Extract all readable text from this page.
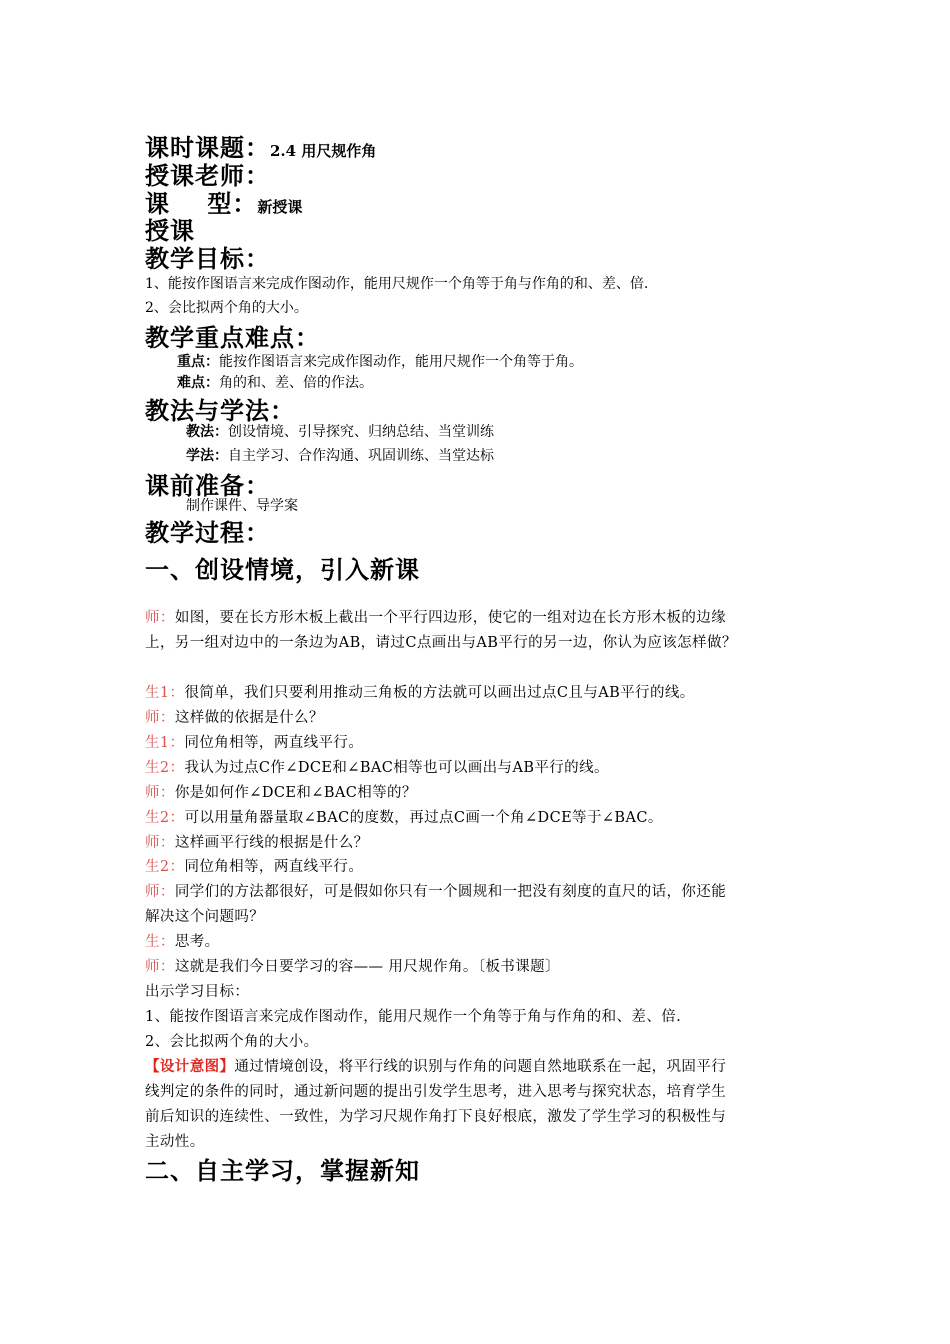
课时课题：2.4 用尺规作角
授课老师：
课    型：新授课
授课
教学目标：
1、能按作图语言来完成作图动作，能用尺规作一个角等于角与作角的和、差、倍.
2、会比拟两个角的大小。
教学重点难点：
重点：能按作图语言来完成作图动作，能用尺规作一个角等于角。
难点：角的和、差、倍的作法。
教法与学法：
教法：创设情境、引导探究、归纳总结、当堂训练
学法：自主学习、合作沟通、巩固训练、当堂达标
课前准备：
制作课件、导学案
教学过程：
一、创设情境，引入新课
师：如图，要在长方形木板上截出一个平行四边形，使它的一组对边在长方形木板的边缘
上，另一组对边中的一条边为AB，请过C点画出与AB平行的另一边，你认为应该怎样做？
生1：很简单，我们只要利用推动三角板的方法就可以画出过点C且与AB平行的线。
师：这样做的依据是什么？
生1：同位角相等，两直线平行。
生2：我认为过点C作∠DCE和∠BAC相等也可以画出与AB平行的线。
师：你是如何作∠DCE和∠BAC相等的？
生2：可以用量角器量取∠BAC的度数，再过点C画一个角∠DCE等于∠BAC。
师：这样画平行线的根据是什么？
生2：同位角相等，两直线平行。
师：同学们的方法都很好，可是假如你只有一个圆规和一把没有刻度的直尺的话，你还能
解决这个问题吗？
生：思考。
师：这就是我们今日要学习的容—— 用尺规作角。〔板书课题〕
出示学习目标：
1、能按作图语言来完成作图动作，能用尺规作一个角等于角与作角的和、差、倍.
2、会比拟两个角的大小。
【设计意图】通过情境创设，将平行线的识别与作角的问题自然地联系在一起，巩固平行
线判定的条件的同时，通过新问题的提出引发学生思考，进入思考与探究状态，培育学生
前后知识的连续性、一致性，为学习尺规作角打下良好根底，激发了学生学习的积极性与
主动性。
二、自主学习，掌握新知
